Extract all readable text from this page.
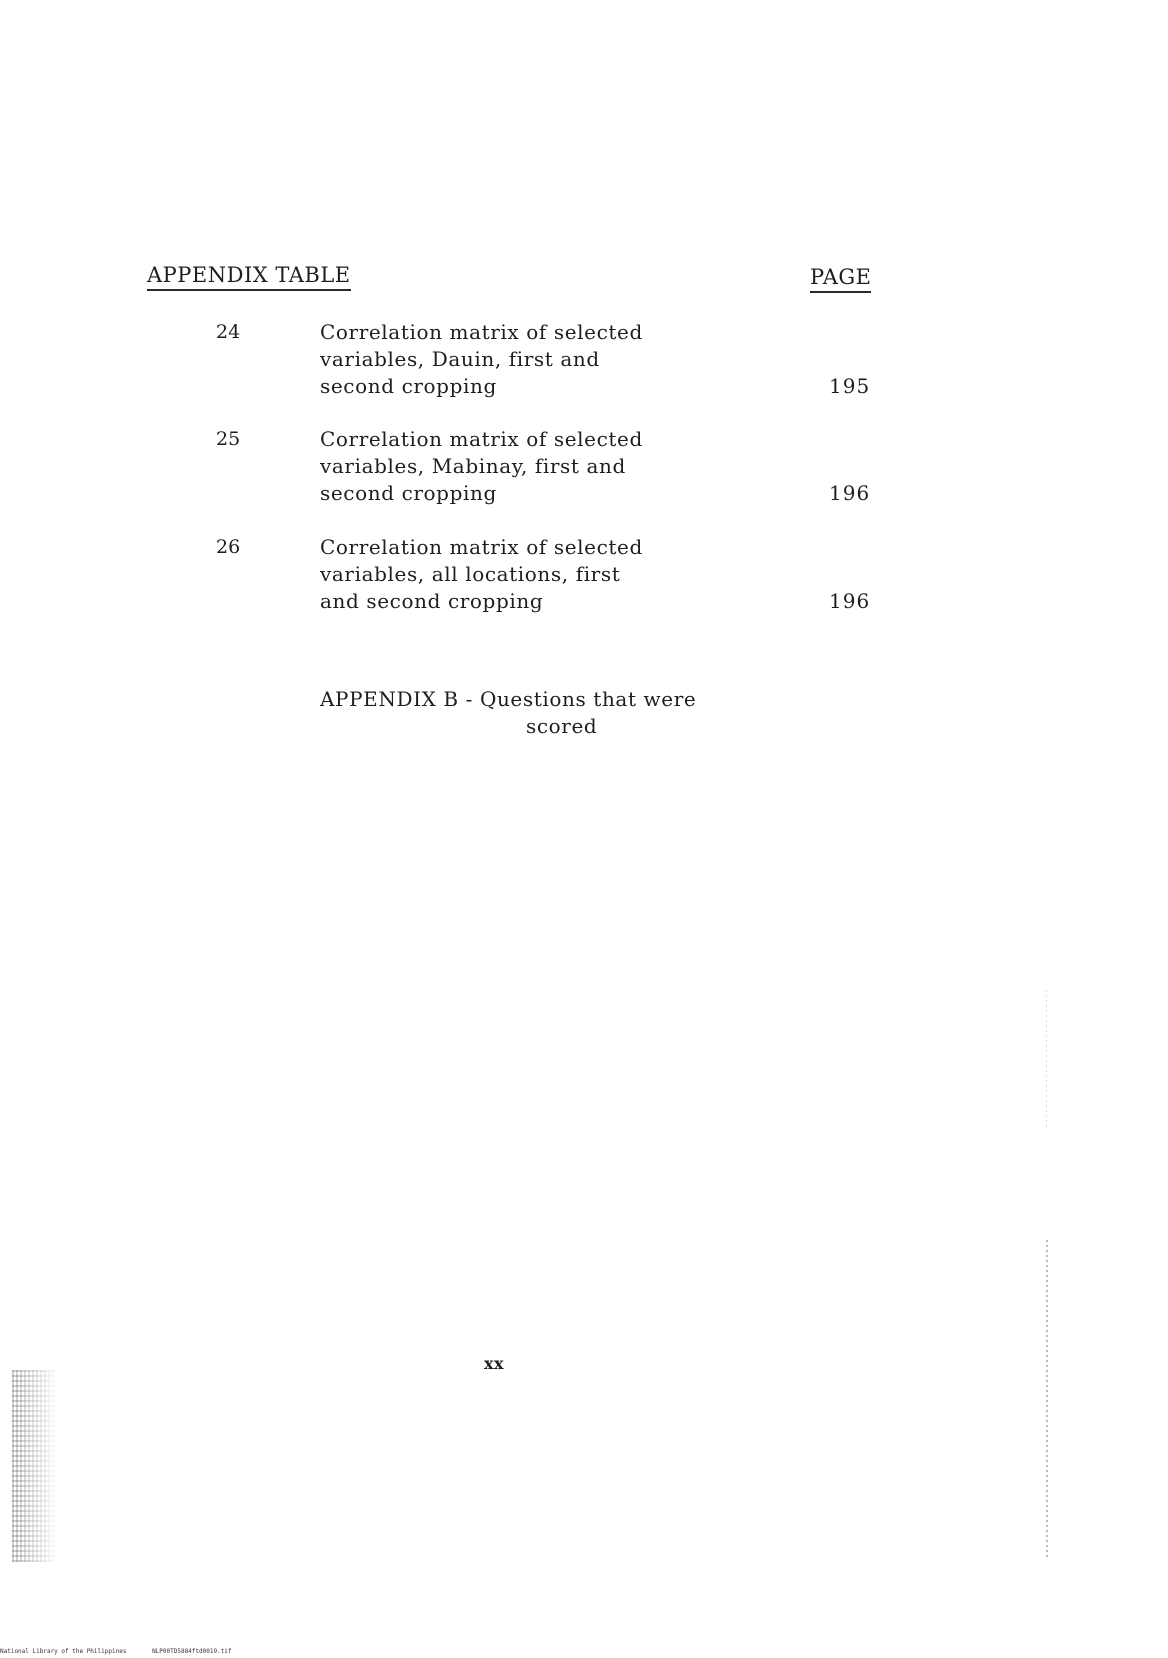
APPENDIX TABLE	PAGE
24	Correlation matrix of selected
variables, Dauin, first and
second cropping	195
25	Correlation matrix of selected
variables, Mabinay, first and
second cropping	196
26	Correlation matrix of selected
variables, all locations, first
and second cropping	196
APPENDIX B - Questions that were
scored
xx
National Library of the Philippines	NLP00TD5884ftd0019.tif
